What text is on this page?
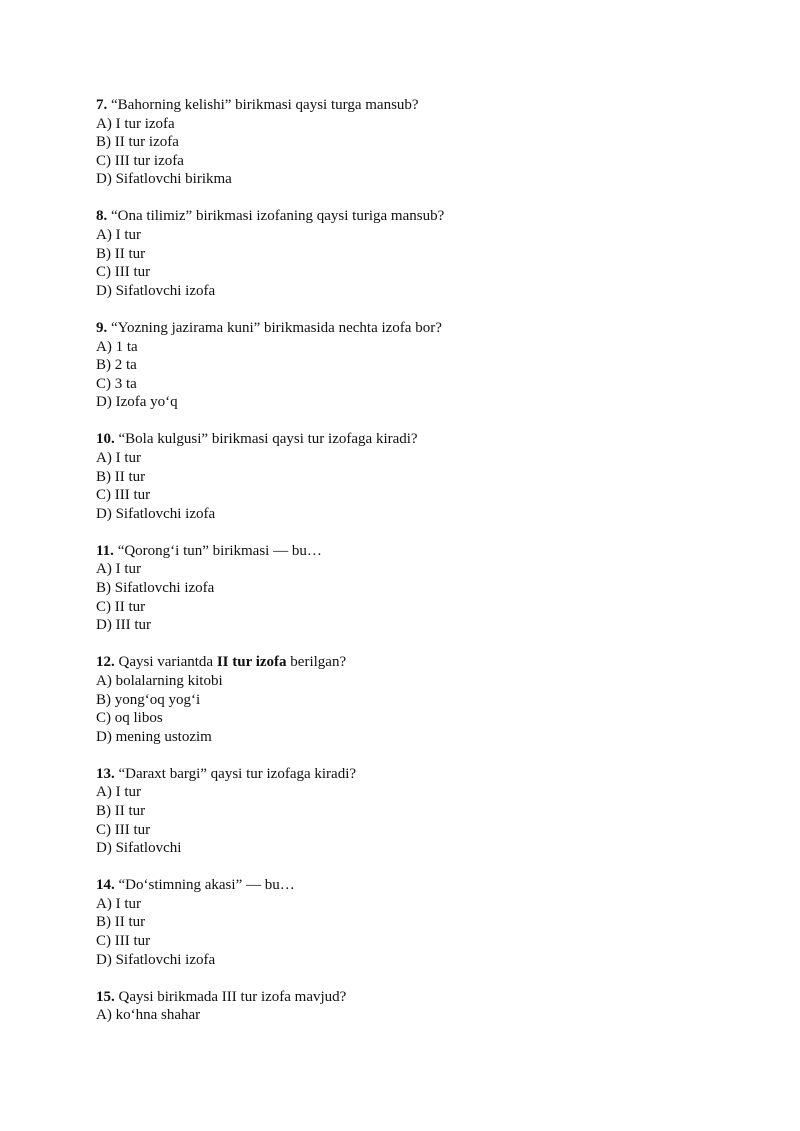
7. “Bahorning kelishi” birikmasi qaysi turga mansub?
A) I tur izofa
B) II tur izofa
C) III tur izofa
D) Sifatlovchi birikma
8. “Ona tilimiz” birikmasi izofaning qaysi turiga mansub?
A) I tur
B) II tur
C) III tur
D) Sifatlovchi izofa
9. “Yozning jazirama kuni” birikmasida nechta izofa bor?
A) 1 ta
B) 2 ta
C) 3 ta
D) Izofa yo‘q
10. “Bola kulgusi” birikmasi qaysi tur izofaga kiradi?
A) I tur
B) II tur
C) III tur
D) Sifatlovchi izofa
11. “Qorong‘i tun” birikmasi — bu…
A) I tur
B) Sifatlovchi izofa
C) II tur
D) III tur
12. Qaysi variantda II tur izofa berilgan?
A) bolalarning kitobi
B) yong‘oq yog‘i
C) oq libos
D) mening ustozim
13. “Daraxt bargi” qaysi tur izofaga kiradi?
A) I tur
B) II tur
C) III tur
D) Sifatlovchi
14. “Do‘stimning akasi” — bu…
A) I tur
B) II tur
C) III tur
D) Sifatlovchi izofa
15. Qaysi birikmada III tur izofa mavjud?
A) ko‘hna shahar
